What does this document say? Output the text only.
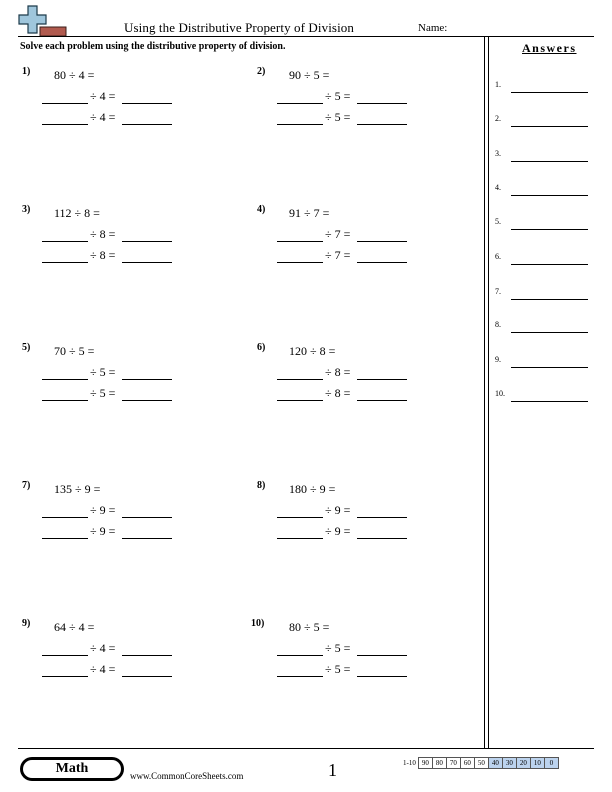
Using the Distributive Property of Division	Name:
Solve each problem using the distributive property of division.	Answers
1) 80 ÷ 4 =
÷ 4 =
÷ 4 =
2) 90 ÷ 5 =
÷ 5 =
÷ 5 =
3) 112 ÷ 8 =
÷ 8 =
÷ 8 =
4) 91 ÷ 7 =
÷ 7 =
÷ 7 =
5) 70 ÷ 5 =
÷ 5 =
÷ 5 =
6) 120 ÷ 8 =
÷ 8 =
÷ 8 =
7) 135 ÷ 9 =
÷ 9 =
÷ 9 =
8) 180 ÷ 9 =
÷ 9 =
÷ 9 =
9) 64 ÷ 4 =
÷ 4 =
÷ 4 =
10) 80 ÷ 5 =
÷ 5 =
÷ 5 =
1.
2.
3.
4.
5.
6.
7.
8.
9.
10.
Math	www.CommonCoreSheets.com	1	1-10 90	80	70	60	50	40	30	20	10	0
